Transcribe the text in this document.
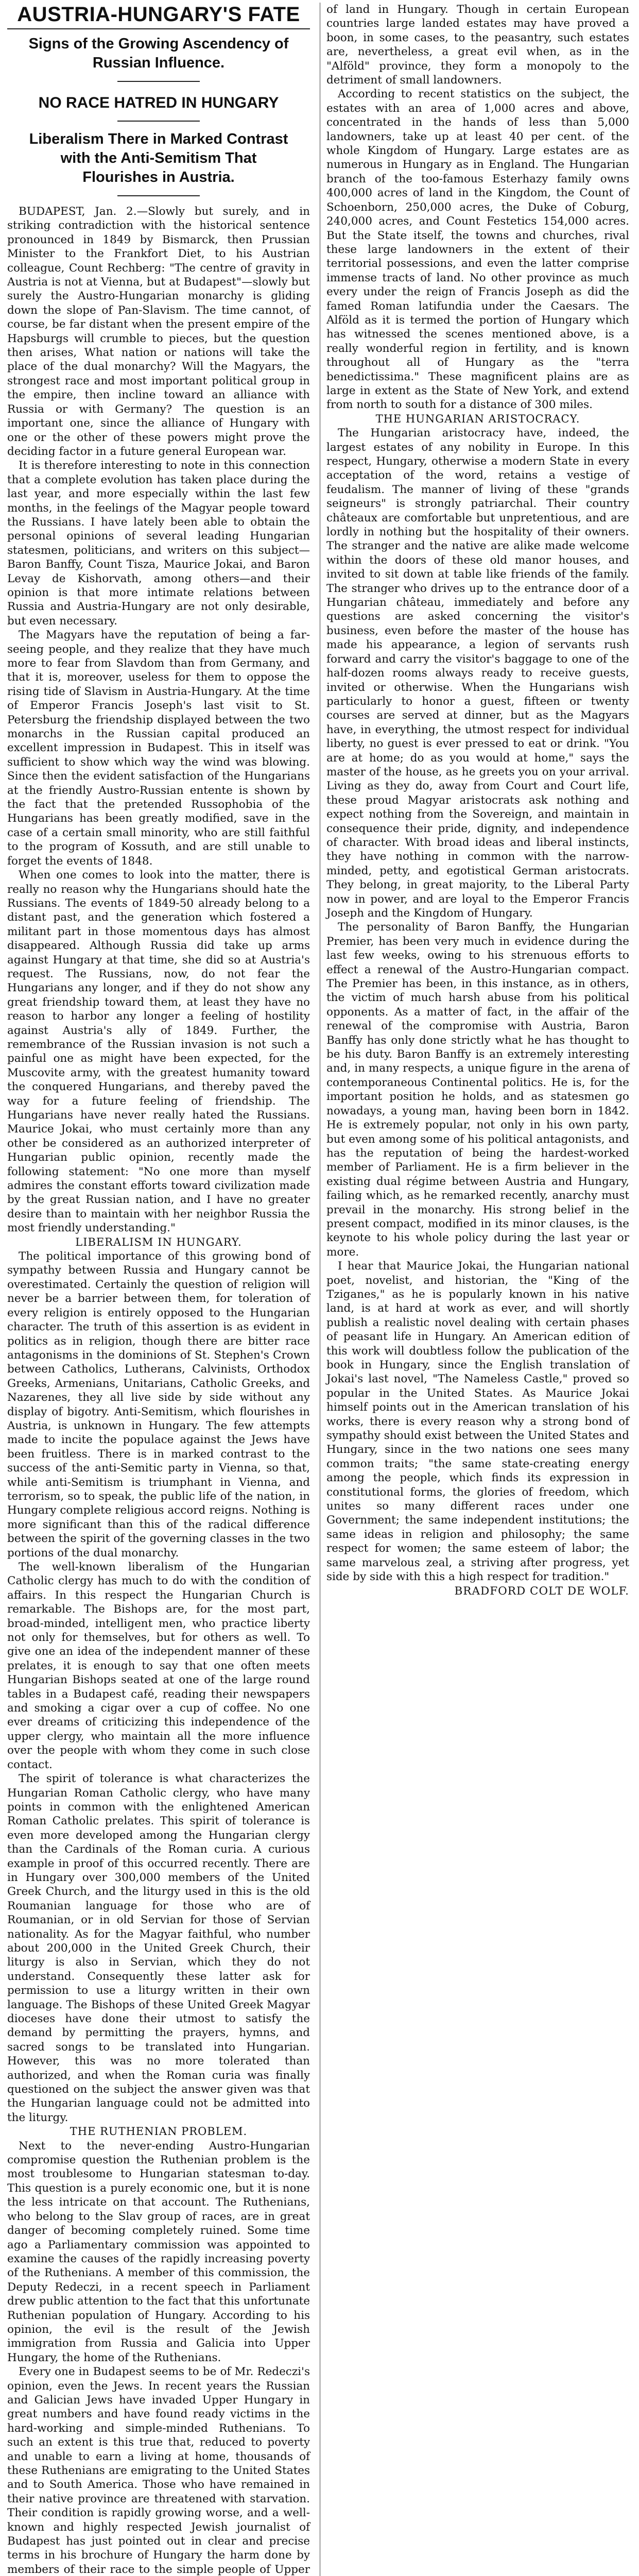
AUSTRIA-HUNGARY'S FATE
Signs of the Growing Ascendency of Russian Influence.
NO RACE HATRED IN HUNGARY
Liberalism There in Marked Contrast with the Anti-Semitism That Flourishes in Austria.

BUDAPEST, Jan. 2.—Slowly but surely, and in striking contradiction with the historical sentence pronounced in 1849 by Bismarck, then Prussian Minister to the Frankfort Diet, to his Austrian colleague, Count Rechberg: "The centre of gravity in Austria is not at Vienna, but at Budapest"—slowly but surely the Austro-Hungarian monarchy is gliding down the slope of Pan-Slavism. The time cannot, of course, be far distant when the present empire of the Hapsburgs will crumble to pieces, but the question then arises, What nation or nations will take the place of the dual monarchy? Will the Magyars, the strongest race and most important political group in the empire, then incline toward an alliance with Russia or with Germany? The question is an important one, since the alliance of Hungary with one or the other of these powers might prove the deciding factor in a future general European war.

It is therefore interesting to note in this connection that a complete evolution has taken place during the last year, and more especially within the last few months, in the feelings of the Magyar people toward the Russians. I have lately been able to obtain the personal opinions of several leading Hungarian statesmen, politicians, and writers on this subject—Baron Banffy, Count Tisza, Maurice Jokai, and Baron Levay de Kishorvath, among others—and their opinion is that more intimate relations between Russia and Austria-Hungary are not only desirable, but even necessary.

The Magyars have the reputation of being a far-seeing people, and they realize that they have much more to fear from Slavdom than from Germany, and that it is, moreover, useless for them to oppose the rising tide of Slavism in Austria-Hungary. At the time of Emperor Francis Joseph's last visit to St. Petersburg the friendship displayed between the two monarchs in the Russian capital produced an excellent impression in Budapest. This in itself was sufficient to show which way the wind was blowing. Since then the evident satisfaction of the Hungarians at the friendly Austro-Russian entente is shown by the fact that the pretended Russophobia of the Hungarians has been greatly modified, save in the case of a certain small minority, who are still faithful to the program of Kossuth, and are still unable to forget the events of 1848.

When one comes to look into the matter, there is really no reason why the Hungarians should hate the Russians. The events of 1849-50 already belong to a distant past, and the generation which fostered a militant part in those momentous days has almost disappeared. Although Russia did take up arms against Hungary at that time, she did so at Austria's request. The Russians, now, do not fear the Hungarians any longer, and if they do not show any great friendship toward them, at least they have no reason to harbor any longer a feeling of hostility against Austria's ally of 1849. Further, the remembrance of the Russian invasion is not such a painful one as might have been expected, for the Muscovite army, with the greatest humanity toward the conquered Hungarians, and thereby paved the way for a future feeling of friendship. The Hungarians have never really hated the Russians. Maurice Jokai, who must certainly more than any other be considered as an authorized interpreter of Hungarian public opinion, recently made the following statement: "No one more than myself admires the constant efforts toward civilization made by the great Russian nation, and I have no greater desire than to maintain with her neighbor Russia the most friendly understanding."

LIBERALISM IN HUNGARY.

The political importance of this growing bond of sympathy between Russia and Hungary cannot be overestimated. Certainly the question of religion will never be a barrier between them, for toleration of every religion is entirely opposed to the Hungarian character. The truth of this assertion is as evident in politics as in religion, though there are bitter race antagonisms in the dominions of St. Stephen's Crown between Catholics, Lutherans, Calvinists, Orthodox Greeks, Armenians, Unitarians, Catholic Greeks, and Nazarenes, they all live side by side without any display of bigotry. Anti-Semitism, which flourishes in Austria, is unknown in Hungary. The few attempts made to incite the populace against the Jews have been fruitless. There is in marked contrast to the success of the anti-Semitic party in Vienna, so that, while anti-Semitism is triumphant in Vienna, and terrorism, so to speak, the public life of the nation, in Hungary complete religious accord reigns. Nothing is more significant than this of the radical difference between the spirit of the governing classes in the two portions of the dual monarchy.

The well-known liberalism of the Hungarian Catholic clergy has much to do with the condition of affairs. In this respect the Hungarian Church is remarkable. The Bishops are, for the most part, broad-minded, intelligent men, who practice liberty not only for themselves, but for others as well. To give one an idea of the independent manner of these prelates, it is enough to say that one often meets Hungarian Bishops seated at one of the large round tables in a Budapest café, reading their newspapers and smoking a cigar over a cup of coffee. No one ever dreams of criticizing this independence of the upper clergy, who maintain all the more influence over the people with whom they come in such close contact.

The spirit of tolerance is what characterizes the Hungarian Roman Catholic clergy, who have many points in common with the enlightened American Roman Catholic prelates. This spirit of tolerance is even more developed among the Hungarian clergy than the Cardinals of the Roman curia. A curious example in proof of this occurred recently. There are in Hungary over 300,000 members of the United Greek Church, and the liturgy used in this is the old Roumanian language for those who are of Roumanian, or in old Servian for those of Servian nationality. As for the Magyar faithful, who number about 200,000 in the United Greek Church, their liturgy is also in Servian, which they do not understand. Consequently these latter ask for permission to use a liturgy written in their own language. The Bishops of these United Greek Magyar dioceses have done their utmost to satisfy the demand by permitting the prayers, hymns, and sacred songs to be translated into Hungarian. However, this was no more tolerated than authorized, and when the Roman curia was finally questioned on the subject the answer given was that the Hungarian language could not be admitted into the liturgy.

THE RUTHENIAN PROBLEM.

Next to the never-ending Austro-Hungarian compromise question the Ruthenian problem is the most troublesome to Hungarian statesman to-day. This question is a purely economic one, but it is none the less intricate on that account. The Ruthenians, who belong to the Slav group of races, are in great danger of becoming completely ruined. Some time ago a Parliamentary commission was appointed to examine the causes of the rapidly increasing poverty of the Ruthenians. A member of this commission, the Deputy Redeczi, in a recent speech in Parliament drew public attention to the fact that this unfortunate Ruthenian population of Hungary. According to his opinion, the evil is the result of the Jewish immigration from Russia and Galicia into Upper Hungary, the home of the Ruthenians.

Every one in Budapest seems to be of Mr. Redeczi's opinion, even the Jews. In recent years the Russian and Galician Jews have invaded Upper Hungary in great numbers and have found ready victims in the hard-working and simple-minded Ruthenians. To such an extent is this true that, reduced to poverty and unable to earn a living at home, thousands of these Ruthenians are emigrating to the United States and to South America. Those who have remained in their native province are threatened with starvation. Their condition is rapidly growing worse, and a well-known and highly respected Jewish journalist of Budapest has just pointed out in clear and precise terms in his brochure of Hungary the harm done by members of their race to the simple people of Upper

of land in Hungary. Though in certain European countries large landed estates may have proved a boon, in some cases, to the peasantry, such estates are, nevertheless, a great evil when, as in the "Alföld" province, they form a monopoly to the detriment of small landowners.

According to recent statistics on the subject, the estates with an area of 1,000 acres and above, concentrated in the hands of less than 5,000 landowners, take up at least 40 per cent. of the whole Kingdom of Hungary. Large estates are as numerous in Hungary as in England. The Hungarian branch of the too-famous Esterhazy family owns 400,000 acres of land in the Kingdom, the Count of Schoenborn, 250,000 acres, the Duke of Coburg, 240,000 acres, and Count Festetics 154,000 acres. But the State itself, the towns and churches, rival these large landowners in the extent of their territorial possessions, and even the latter comprise immense tracts of land. No other province as much every under the reign of Francis Joseph as did the famed Roman latifundia under the Caesars. The Alföld as it is termed the portion of Hungary which has witnessed the scenes mentioned above, is a really wonderful region in fertility, and is known throughout all of Hungary as the "terra benedictissima." These magnificent plains are as large in extent as the State of New York, and extend from north to south for a distance of 300 miles.

THE HUNGARIAN ARISTOCRACY.

The Hungarian aristocracy have, indeed, the largest estates of any nobility in Europe. In this respect, Hungary, otherwise a modern State in every acceptation of the word, retains a vestige of feudalism. The manner of living of these "grands seigneurs" is strongly patriarchal. Their country châteaux are comfortable but unpretentious, and are lordly in nothing but the hospitality of their owners. The stranger and the native are alike made welcome within the doors of these old manor houses, and invited to sit down at table like friends of the family. The stranger who drives up to the entrance door of a Hungarian château, immediately and before any questions are asked concerning the visitor's business, even before the master of the house has made his appearance, a legion of servants rush forward and carry the visitor's baggage to one of the half-dozen rooms always ready to receive guests, invited or otherwise. When the Hungarians wish particularly to honor a guest, fifteen or twenty courses are served at dinner, but as the Magyars have, in everything, the utmost respect for individual liberty, no guest is ever pressed to eat or drink. "You are at home; do as you would at home," says the master of the house, as he greets you on your arrival. Living as they do, away from Court and Court life, these proud Magyar aristocrats ask nothing and expect nothing from the Sovereign, and maintain in consequence their pride, dignity, and independence of character. With broad ideas and liberal instincts, they have nothing in common with the narrow-minded, petty, and egotistical German aristocrats. They belong, in great majority, to the Liberal Party now in power, and are loyal to the Emperor Francis Joseph and the Kingdom of Hungary.

The personality of Baron Banffy, the Hungarian Premier, has been very much in evidence during the last few weeks, owing to his strenuous efforts to effect a renewal of the Austro-Hungarian compact. The Premier has been, in this instance, as in others, the victim of much harsh abuse from his political opponents. As a matter of fact, in the affair of the renewal of the compromise with Austria, Baron Banffy has only done strictly what he has thought to be his duty. Baron Banffy is an extremely interesting and, in many respects, a unique figure in the arena of contemporaneous Continental politics. He is, for the important position he holds, and as statesmen go nowadays, a young man, having been born in 1842. He is extremely popular, not only in his own party, but even among some of his political antagonists, and has the reputation of being the hardest-worked member of Parliament. He is a firm believer in the existing dual régime between Austria and Hungary, failing which, as he remarked recently, anarchy must prevail in the monarchy. His strong belief in the present compact, modified in its minor clauses, is the keynote to his whole policy during the last year or more.

I hear that Maurice Jokai, the Hungarian national poet, novelist, and historian, the "King of the Tziganes," as he is popularly known in his native land, is at hard at work as ever, and will shortly publish a realistic novel dealing with certain phases of peasant life in Hungary. An American edition of this work will doubtless follow the publication of the book in Hungary, since the English translation of Jokai's last novel, "The Nameless Castle," proved so popular in the United States. As Maurice Jokai himself points out in the American translation of his works, there is every reason why a strong bond of sympathy should exist between the United States and Hungary, since in the two nations one sees many common traits; "the same state-creating energy among the people, which finds its expression in constitutional forms, the glories of freedom, which unites so many different races under one Government; the same independent institutions; the same ideas in religion and philosophy; the same respect for women; the same esteem of labor; the same marvelous zeal, a striving after progress, yet side by side with this a high respect for tradition."

BRADFORD COLT DE WOLF.
